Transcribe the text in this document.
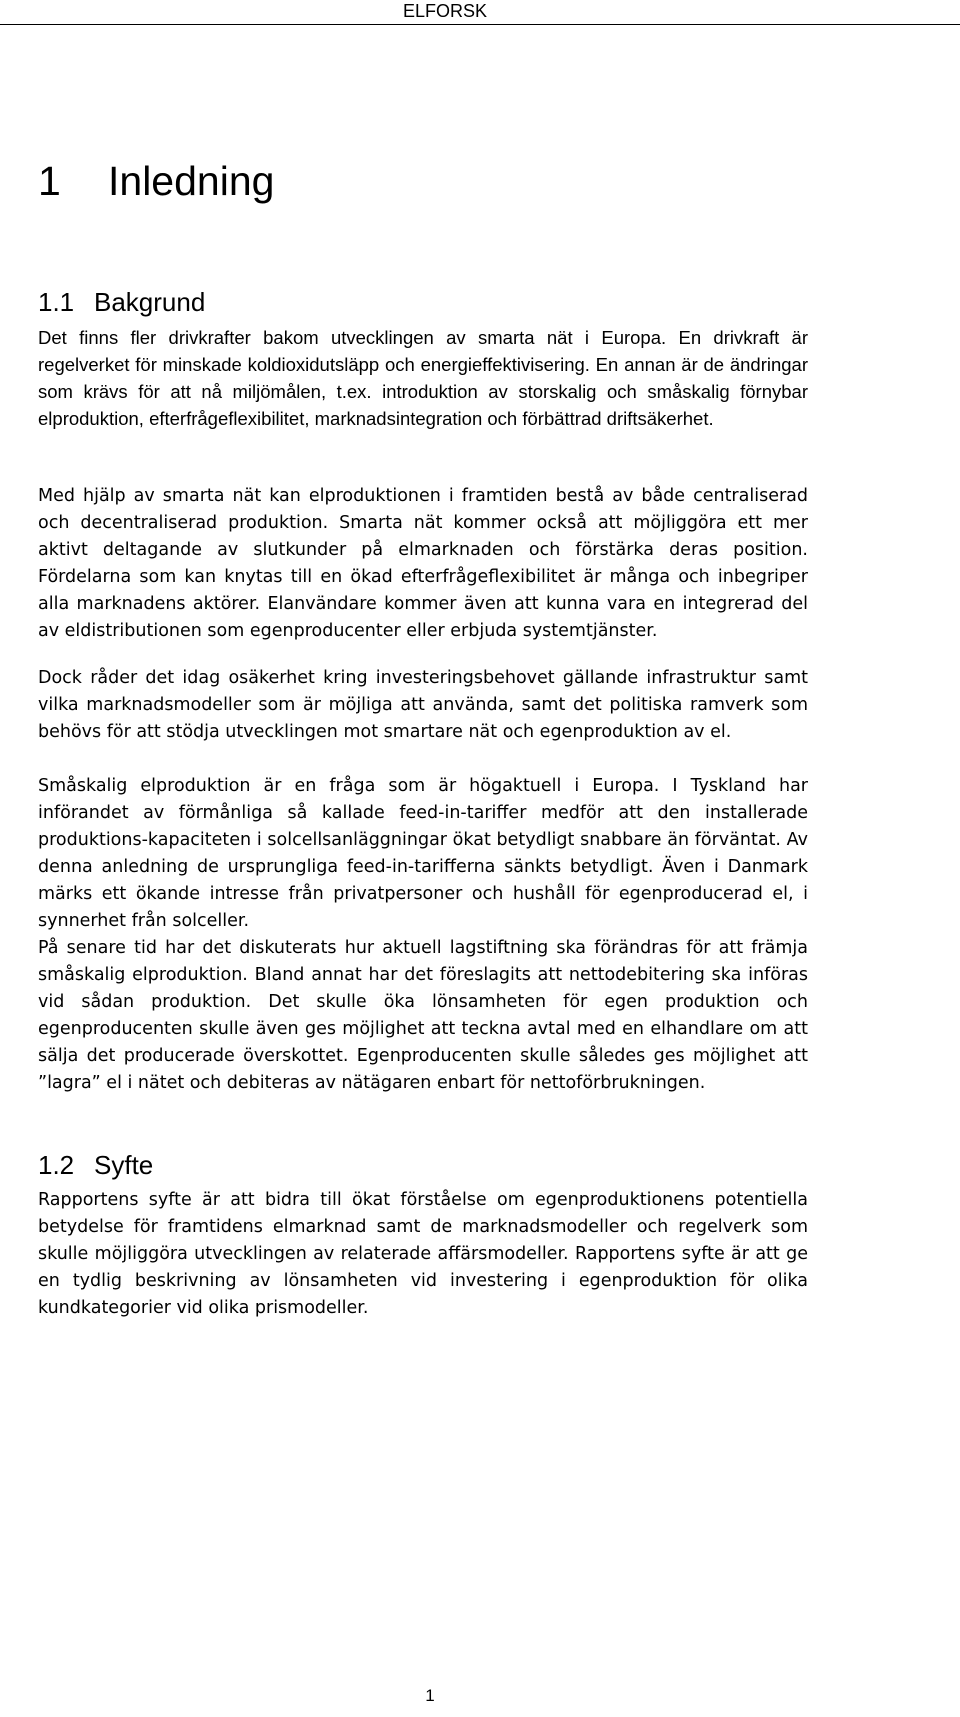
ELFORSK
1 Inledning
1.1 Bakgrund

Det finns fler drivkrafter bakom utvecklingen av smarta nät i Europa. En drivkraft är regelverket för minskade koldioxidutsläpp och energieffektivisering. En annan är de ändringar som krävs för att nå miljömålen, t.ex. introduktion av storskalig och småskalig förnybar elproduktion, efterfrågeflexibilitet, marknadsintegration och förbättrad driftsäkerhet.

Med hjälp av smarta nät kan elproduktionen i framtiden bestå av både centraliserad och decentraliserad produktion. Smarta nät kommer också att möjliggöra ett mer aktivt deltagande av slutkunder på elmarknaden och förstärka deras position. Fördelarna som kan knytas till en ökad efterfrågeflexibilitet är många och inbegriper alla marknadens aktörer. Elanvändare kommer även att kunna vara en integrerad del av eldistributionen som egenproducenter eller erbjuda systemtjänster.

Dock råder det idag osäkerhet kring investeringsbehovet gällande infrastruktur samt vilka marknadsmodeller som är möjliga att använda, samt det politiska ramverk som behövs för att stödja utvecklingen mot smartare nät och egenproduktion av el.

Småskalig elproduktion är en fråga som är högaktuell i Europa. I Tyskland har införandet av förmånliga så kallade feed-in-tariffer medför att den installerade produktions-kapaciteten i solcellsanläggningar ökat betydligt snabbare än förväntat. Av denna anledning de ursprungliga feed-in-tarifferna sänkts betydligt. Även i Danmark märks ett ökande intresse från privatpersoner och hushåll för egenproducerad el, i synnerhet från solceller.

På senare tid har det diskuterats hur aktuell lagstiftning ska förändras för att främja småskalig elproduktion. Bland annat har det föreslagits att nettodebitering ska införas vid sådan produktion. Det skulle öka lönsamheten för egen produktion och egenproducenten skulle även ges möjlighet att teckna avtal med en elhandlare om att sälja det producerade överskottet. Egenproducenten skulle således ges möjlighet att ”lagra” el i nätet och debiteras av nätägaren enbart för nettoförbrukningen.

1.2 Syfte

Rapportens syfte är att bidra till ökat förståelse om egenproduktionens potentiella betydelse för framtidens elmarknad samt de marknadsmodeller och regelverk som skulle möjliggöra utvecklingen av relaterade affärsmodeller. Rapportens syfte är att ge en tydlig beskrivning av lönsamheten vid investering i egenproduktion för olika kundkategorier vid olika prismodeller.

1
